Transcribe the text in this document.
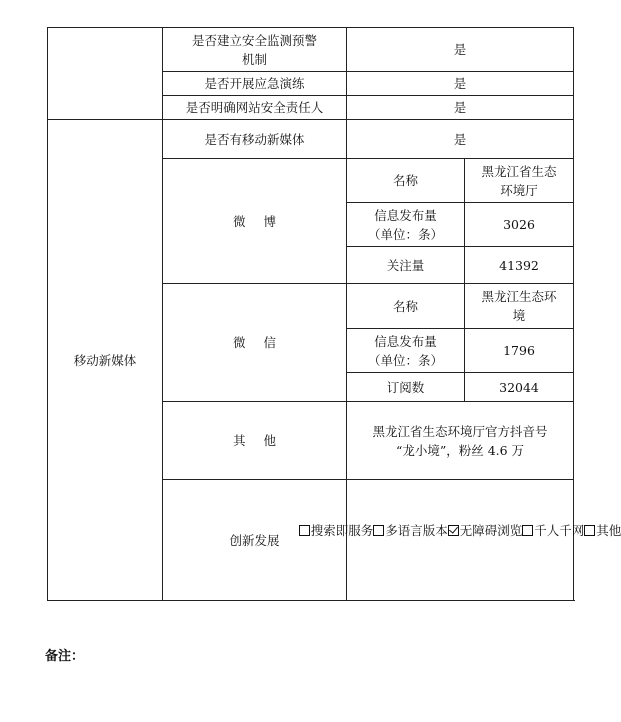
	是否建立安全监测预警
机制	是	
	是否开展应急演练	是	
	是否明确网站安全责任人	是	
移动新媒体	是否有移动新媒体	是	
	微 博	名称	黑龙江省生态
环境厅

		信息发布量
（单位：条）	3026
		关注量	41392
	微 信	名称	黑龙江生态环
境

		信息发布量
（单位：条）	1796
		订阅数	32044
	其 他	黑龙江省生态环境厅官方抖音号
“龙小境”，粉丝 4.6 万	

	创新发展	搜索即服务 多语言版本 无障碍浏览 千人千网 其他	
备注：
